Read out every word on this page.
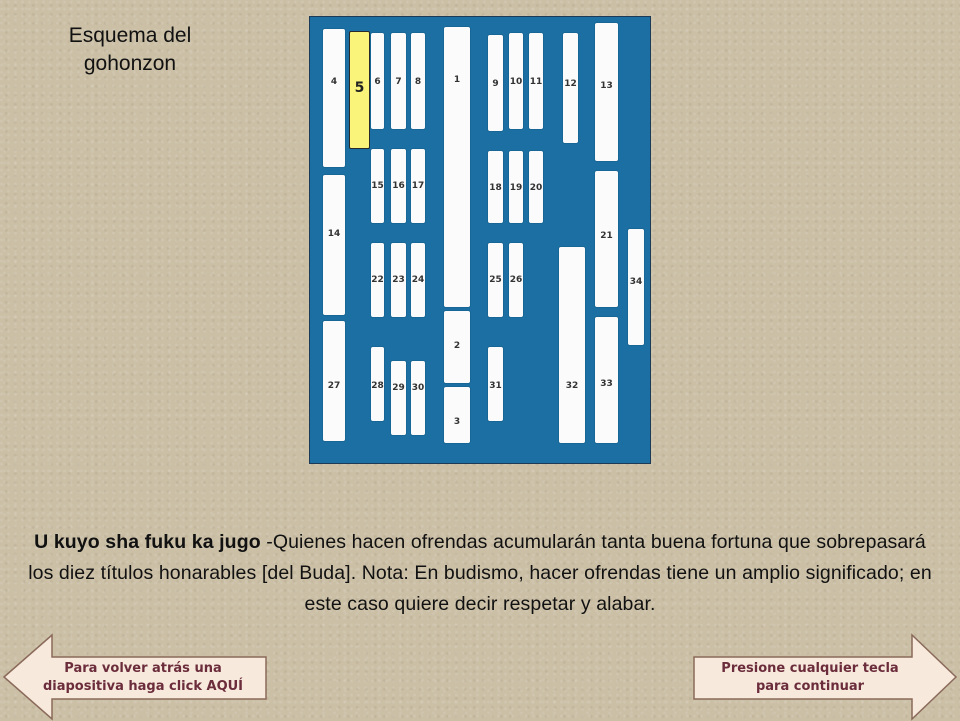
Esquema del
gohonzon
1
2
3
4	5	6	7	8	9	10 11 12	13
14
15 16 17	18 19 20
21
22 23 24	25 26
27	28 29 30	31	32	33
34

U kuyo sha fuku ka jugo -Quienes hacen ofrendas acumularán tanta buena fortuna que sobrepasará los diez títulos honarables [del Buda]. Nota: En budismo, hacer ofrendas tiene un amplio significado; en este caso quiere decir respetar y alabar.

Para volver atrás una
diapositiva haga click AQUÍ
Presione cualquier tecla
para continuar
